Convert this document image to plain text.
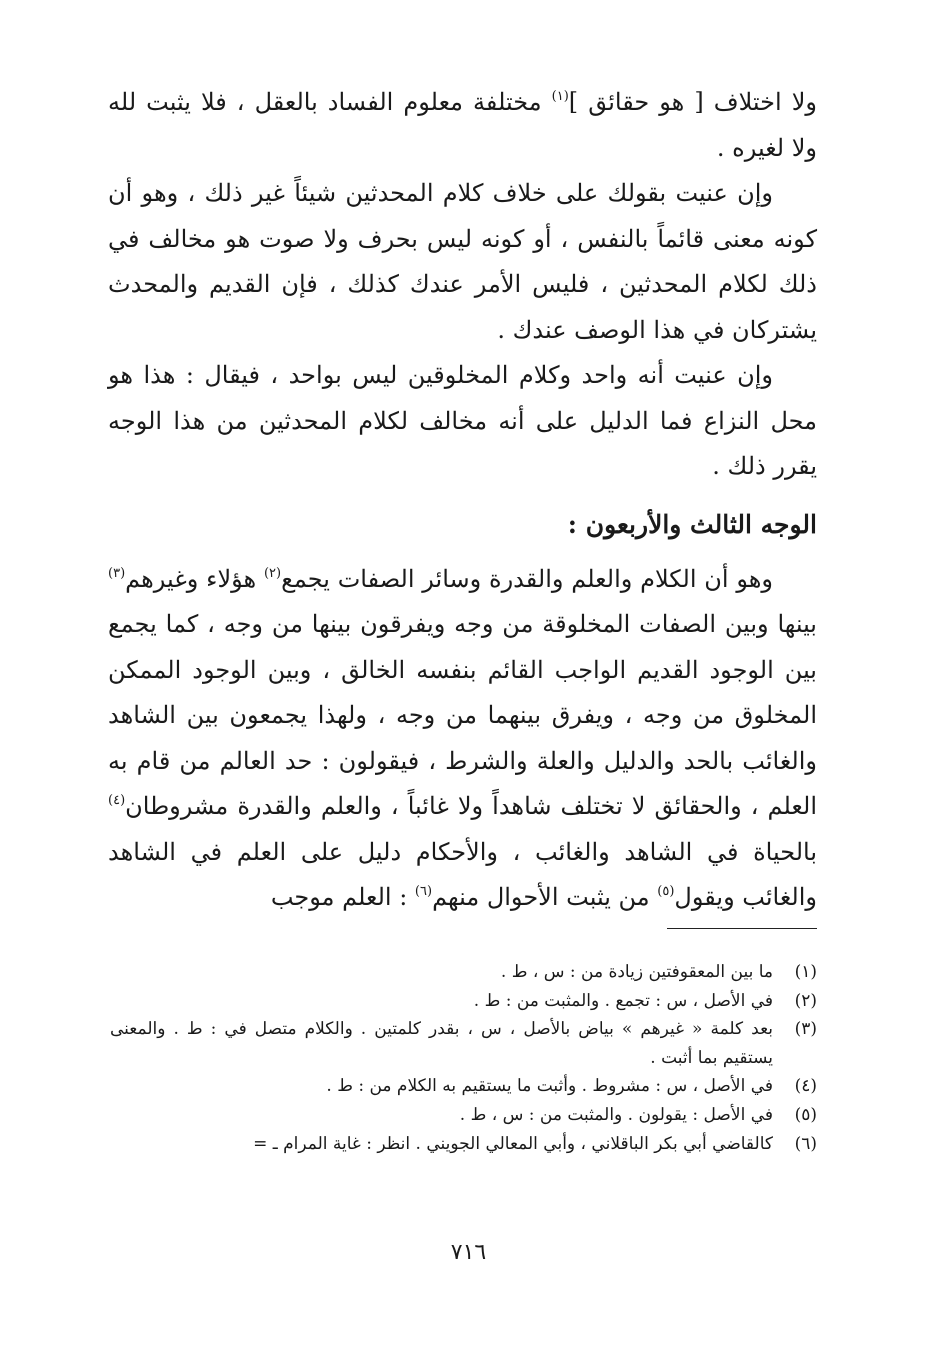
ولا اختلاف [ هو حقائق ]$^{(١)}$ مختلفة معلوم الفساد بالعقل ، فلا يثبت لله ولا لغيره .

وإن عنيت بقولك على خلاف كلام المحدثين شيئاً غير ذلك ، وهو أن كونه معنى قائماً بالنفس ، أو كونه ليس بحرف ولا صوت هو مخالف في ذلك لكلام المحدثين ، فليس الأمر عندك كذلك ، فإن القديم والمحدث يشتركان في هذا الوصف عندك .

وإن عنيت أنه واحد وكلام المخلوقين ليس بواحد ، فيقال : هذا هو محل النزاع فما الدليل على أنه مخالف لكلام المحدثين من هذا الوجه يقرر ذلك .

الوجه الثالث والأربعون :

وهو أن الكلام والعلم والقدرة وسائر الصفات يجمع$^{(٢)}$ هؤلاء وغيرهم$^{(٣)}$ بينها وبين الصفات المخلوقة من وجه ويفرقون بينها من وجه ، كما يجمع بين الوجود القديم الواجب القائم بنفسه الخالق ، وبين الوجود الممكن المخلوق من وجه ، ويفرق بينهما من وجه ، ولهذا يجمعون بين الشاهد والغائب بالحد والدليل والعلة والشرط ، فيقولون : حد العالم من قام به العلم ، والحقائق لا تختلف شاهداً ولا غائباً ، والعلم والقدرة مشروطان$^{(٤)}$ بالحياة في الشاهد والغائب ، والأحكام دليل على العلم في الشاهد والغائب ويقول$^{(٥)}$ من يثبت الأحوال منهم$^{(٦)}$ : العلم موجب

(١)
ما بين المعقوفتين زيادة من : س ، ط .
(٢)
في الأصل ، س : تجمع . والمثبت من : ط .
(٣)
بعد كلمة « غيرهم » بياض بالأصل ، س ، بقدر كلمتين . والكلام متصل في : ط . والمعنى يستقيم بما أثبت .
(٤)
في الأصل ، س : مشروط . وأثبت ما يستقيم به الكلام من : ط .
(٥)
في الأصل : يقولون . والمثبت من : س ، ط .
(٦)
كالقاضي أبي بكر الباقلاني ، وأبي المعالي الجويني . انظر : غاية المرام ـ =
٧١٦
